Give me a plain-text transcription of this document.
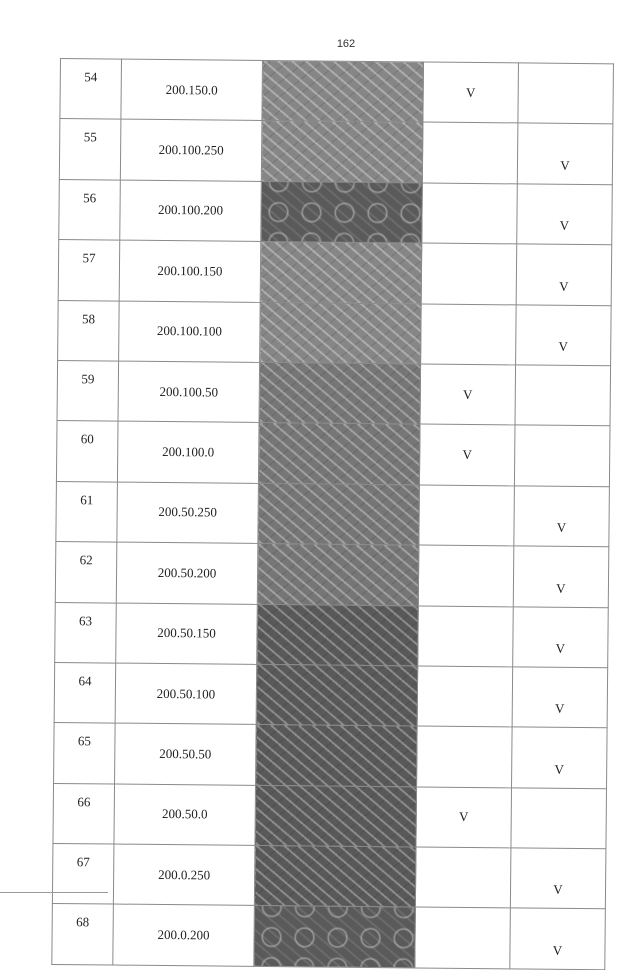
162
54	200.150.0		V	
55	200.100.250			V
56	200.100.200			V
57	200.100.150			V
58	200.100.100			V
59	200.100.50		V	
60	200.100.0		V	
61	200.50.250			V
62	200.50.200			V
63	200.50.150			V
64	200.50.100			V
65	200.50.50			V
66	200.50.0		V	
67	200.0.250			V
68	200.0.200			V
